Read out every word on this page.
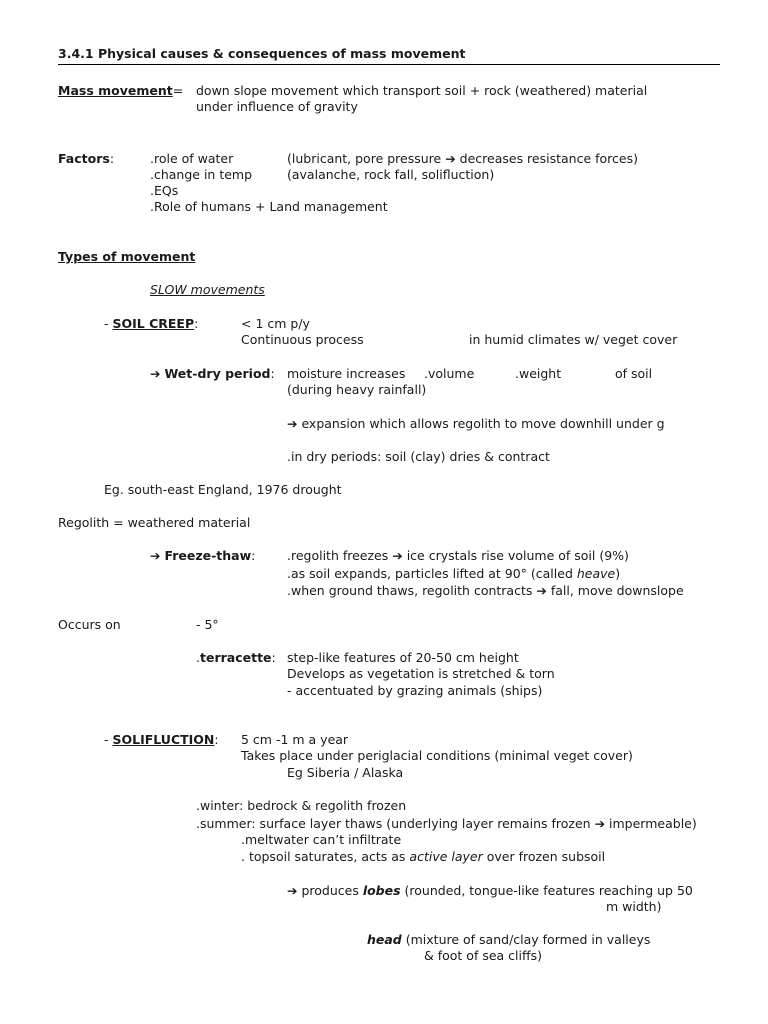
3.4.1 Physical causes & consequences of mass movement
Mass movement= down slope movement which transport soil + rock (weathered) material
under influence of gravity
Factors:	.role of water	(lubricant, pore pressure ➔ decreases resistance forces)
.change in temp	(avalanche, rock fall, solifluction)
.EQs
.Role of humans + Land management
Types of movement
SLOW movements
- SOIL CREEP:	< 1 cm p/y
Continuous process	in humid climates w/ veget cover
➔ Wet-dry period: moisture increases .volume	.weight	of soil
(during heavy rainfall)
➔ expansion which allows regolith to move downhill under g
.in dry periods: soil (clay) dries & contract
Eg. south-east England, 1976 drought
Regolith = weathered material
➔ Freeze-thaw:	.regolith freezes ➔ ice crystals rise volume of soil (9%)
.as soil expands, particles lifted at 90° (called heave)
.when ground thaws, regolith contracts ➔ fall, move downslope
Occurs on	- 5°
.terracette: step-like features of 20-50 cm height
Develops as vegetation is stretched & torn
- accentuated by grazing animals (ships)
- SOLIFLUCTION: 5 cm -1 m a year
Takes place under periglacial conditions (minimal veget cover)
Eg Siberia / Alaska
.winter: bedrock & regolith frozen
.summer: surface layer thaws (underlying layer remains frozen ➔ impermeable)
.meltwater can’t infiltrate
. topsoil saturates, acts as active layer over frozen subsoil
➔ produces lobes (rounded, tongue-like features reaching up 50
m width)
head (mixture of sand/clay formed in valleys
& foot of sea cliffs)
